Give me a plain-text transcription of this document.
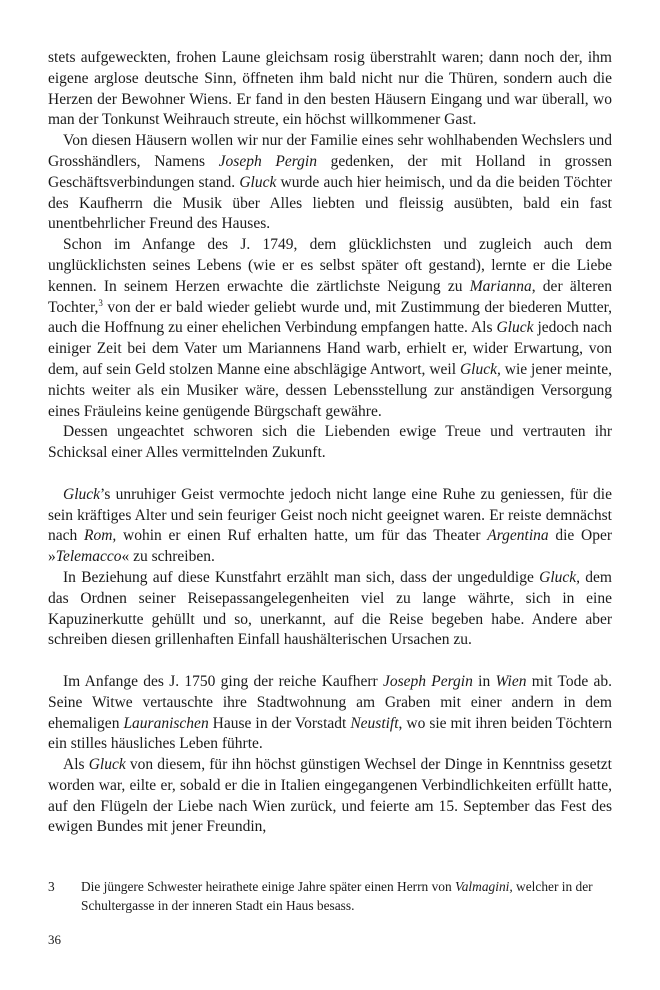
stets aufgeweckten, frohen Laune gleichsam rosig überstrahlt waren; dann noch der, ihm eigene arglose deutsche Sinn, öffneten ihm bald nicht nur die Thüren, sondern auch die Herzen der Bewohner Wiens. Er fand in den besten Häusern Eingang und war überall, wo man der Tonkunst Weihrauch streute, ein höchst willkommener Gast.

Von diesen Häusern wollen wir nur der Familie eines sehr wohlhabenden Wechslers und Grosshändlers, Namens Joseph Pergin gedenken, der mit Holland in grossen Geschäftsverbindungen stand. Gluck wurde auch hier heimisch, und da die beiden Töchter des Kaufherrn die Musik über Alles liebten und fleissig ausübten, bald ein fast unentbehrlicher Freund des Hauses.

Schon im Anfange des J. 1749, dem glücklichsten und zugleich auch dem unglücklichsten seines Lebens (wie er es selbst später oft gestand), lernte er die Liebe kennen. In seinem Herzen erwachte die zärtlichste Neigung zu Marianna, der älteren Tochter,$^3$ von der er bald wieder geliebt wurde und, mit Zustimmung der biederen Mutter, auch die Hoffnung zu einer ehelichen Verbindung empfangen hatte. Als Gluck jedoch nach einiger Zeit bei dem Vater um Mariannens Hand warb, erhielt er, wider Erwartung, von dem, auf sein Geld stolzen Manne eine abschlägige Antwort, weil Gluck, wie jener meinte, nichts weiter als ein Musiker wäre, dessen Lebensstellung zur anständigen Versorgung eines Fräuleins keine genügende Bürgschaft gewähre.

Dessen ungeachtet schworen sich die Liebenden ewige Treue und vertrauten ihr Schicksal einer Alles vermittelnden Zukunft.

Gluck’s unruhiger Geist vermochte jedoch nicht lange eine Ruhe zu geniessen, für die sein kräftiges Alter und sein feuriger Geist noch nicht geeignet waren. Er reiste demnächst nach Rom, wohin er einen Ruf erhalten hatte, um für das Theater Argentina die Oper »Telemacco« zu schreiben.

In Beziehung auf diese Kunstfahrt erzählt man sich, dass der ungeduldige Gluck, dem das Ordnen seiner Reisepassangelegenheiten viel zu lange währte, sich in eine Kapuzinerkutte gehüllt und so, unerkannt, auf die Reise begeben habe. Andere aber schreiben diesen grillenhaften Einfall haushälterischen Ursachen zu.

Im Anfange des J. 1750 ging der reiche Kaufherr Joseph Pergin in Wien mit Tode ab. Seine Witwe vertauschte ihre Stadtwohnung am Graben mit einer andern in dem ehemaligen Lauranischen Hause in der Vorstadt Neustift, wo sie mit ihren beiden Töchtern ein stilles häusliches Leben führte.

Als Gluck von diesem, für ihn höchst günstigen Wechsel der Dinge in Kenntniss gesetzt worden war, eilte er, sobald er die in Italien eingegangenen Verbindlichkeiten erfüllt hatte, auf den Flügeln der Liebe nach Wien zurück, und feierte am 15. September das Fest des ewigen Bundes mit jener Freundin,

3 Die jüngere Schwester heirathete einige Jahre später einen Herrn von Valmagini, welcher in der Schultergasse in der inneren Stadt ein Haus besass.
36
